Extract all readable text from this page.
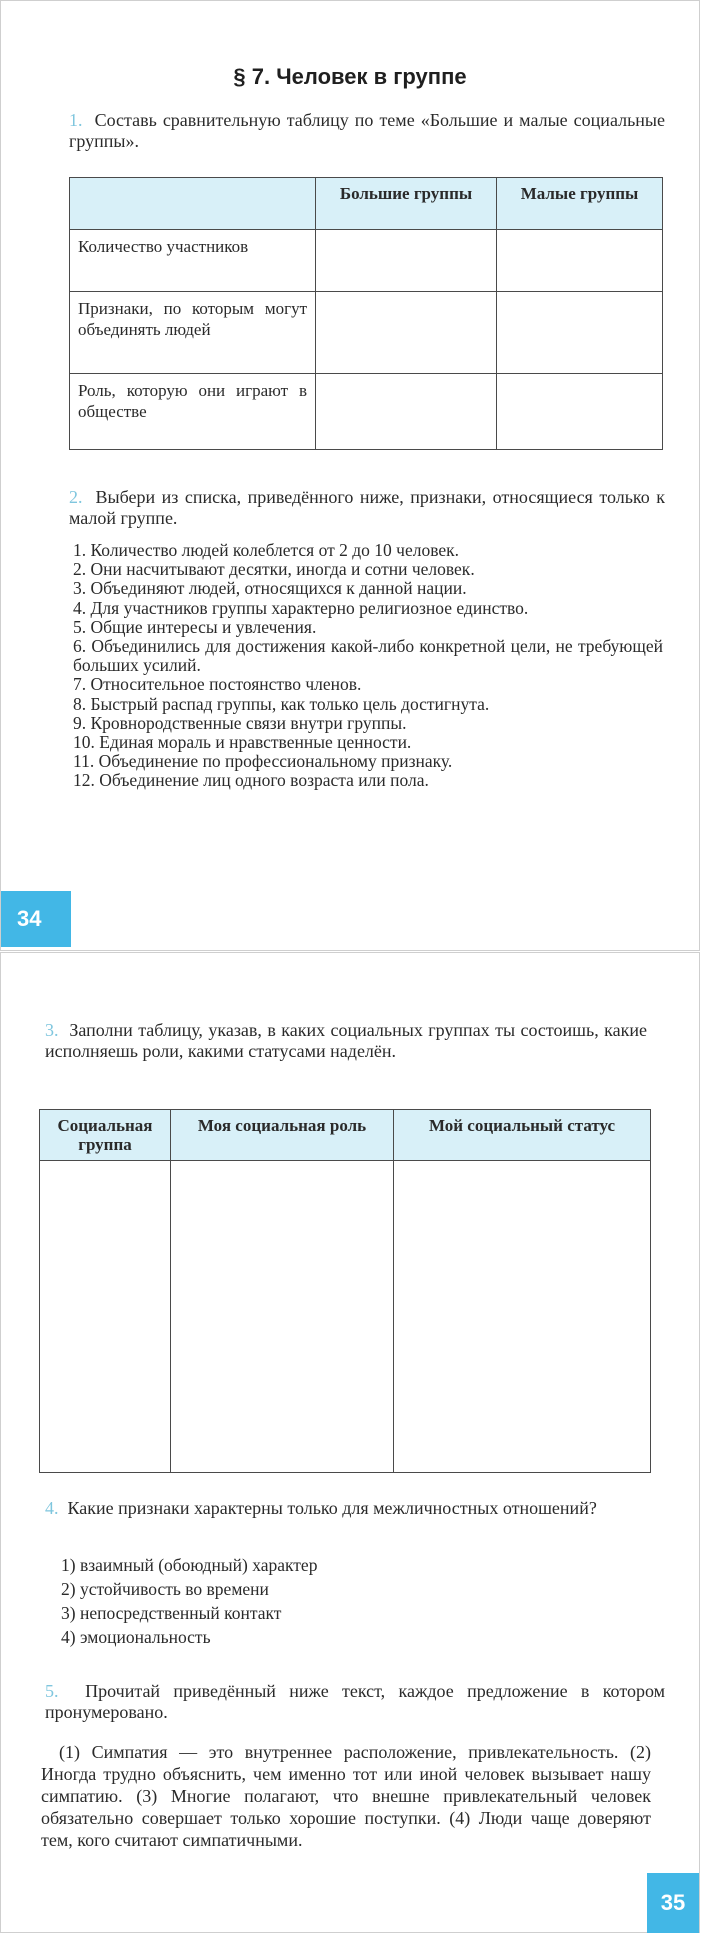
§ 7. Человек в группе

1. Составь сравнительную таблицу по теме «Большие и малые социальные группы».

	Большие группы	Малые группы
Количество участников		
Признаки, по которым могут объединять людей		
Роль, которую они играют в обществе		

2. Выбери из списка, приведённого ниже, признаки, относящиеся только к малой группе.

1. Количество людей колеблется от 2 до 10 человек.
2. Они насчитывают десятки, иногда и сотни человек.
3. Объединяют людей, относящихся к данной нации.
4. Для участников группы характерно религиозное единство.
5. Общие интересы и увлечения.
6. Объединились для достижения какой-либо конкретной цели, не требующей больших усилий.
7. Относительное постоянство членов.
8. Быстрый распад группы, как только цель достигнута.
9. Кровнородственные связи внутри группы.
10. Единая мораль и нравственные ценности.
11. Объединение по профессиональному признаку.
12. Объединение лиц одного возраста или пола.
34

3. Заполни таблицу, указав, в каких социальных группах ты состоишь, какие исполняешь роли, какими статусами наделён.

Социальная группа	Моя социальная роль	Мой социальный статус

4. Какие признаки характерны только для межличностных отношений?

1) взаимный (обоюдный) характер
2) устойчивость во времени
3) непосредственный контакт
4) эмоциональность

5. Прочитай приведённый ниже текст, каждое предложение в котором пронумеровано.

(1) Симпатия — это внутреннее расположение, привлекательность. (2) Иногда трудно объяснить, чем именно тот или иной человек вызывает нашу симпатию. (3) Многие полагают, что внешне привлекательный человек обязательно совершает только хорошие поступки. (4) Люди чаще доверяют тем, кого считают симпатичными.

35
